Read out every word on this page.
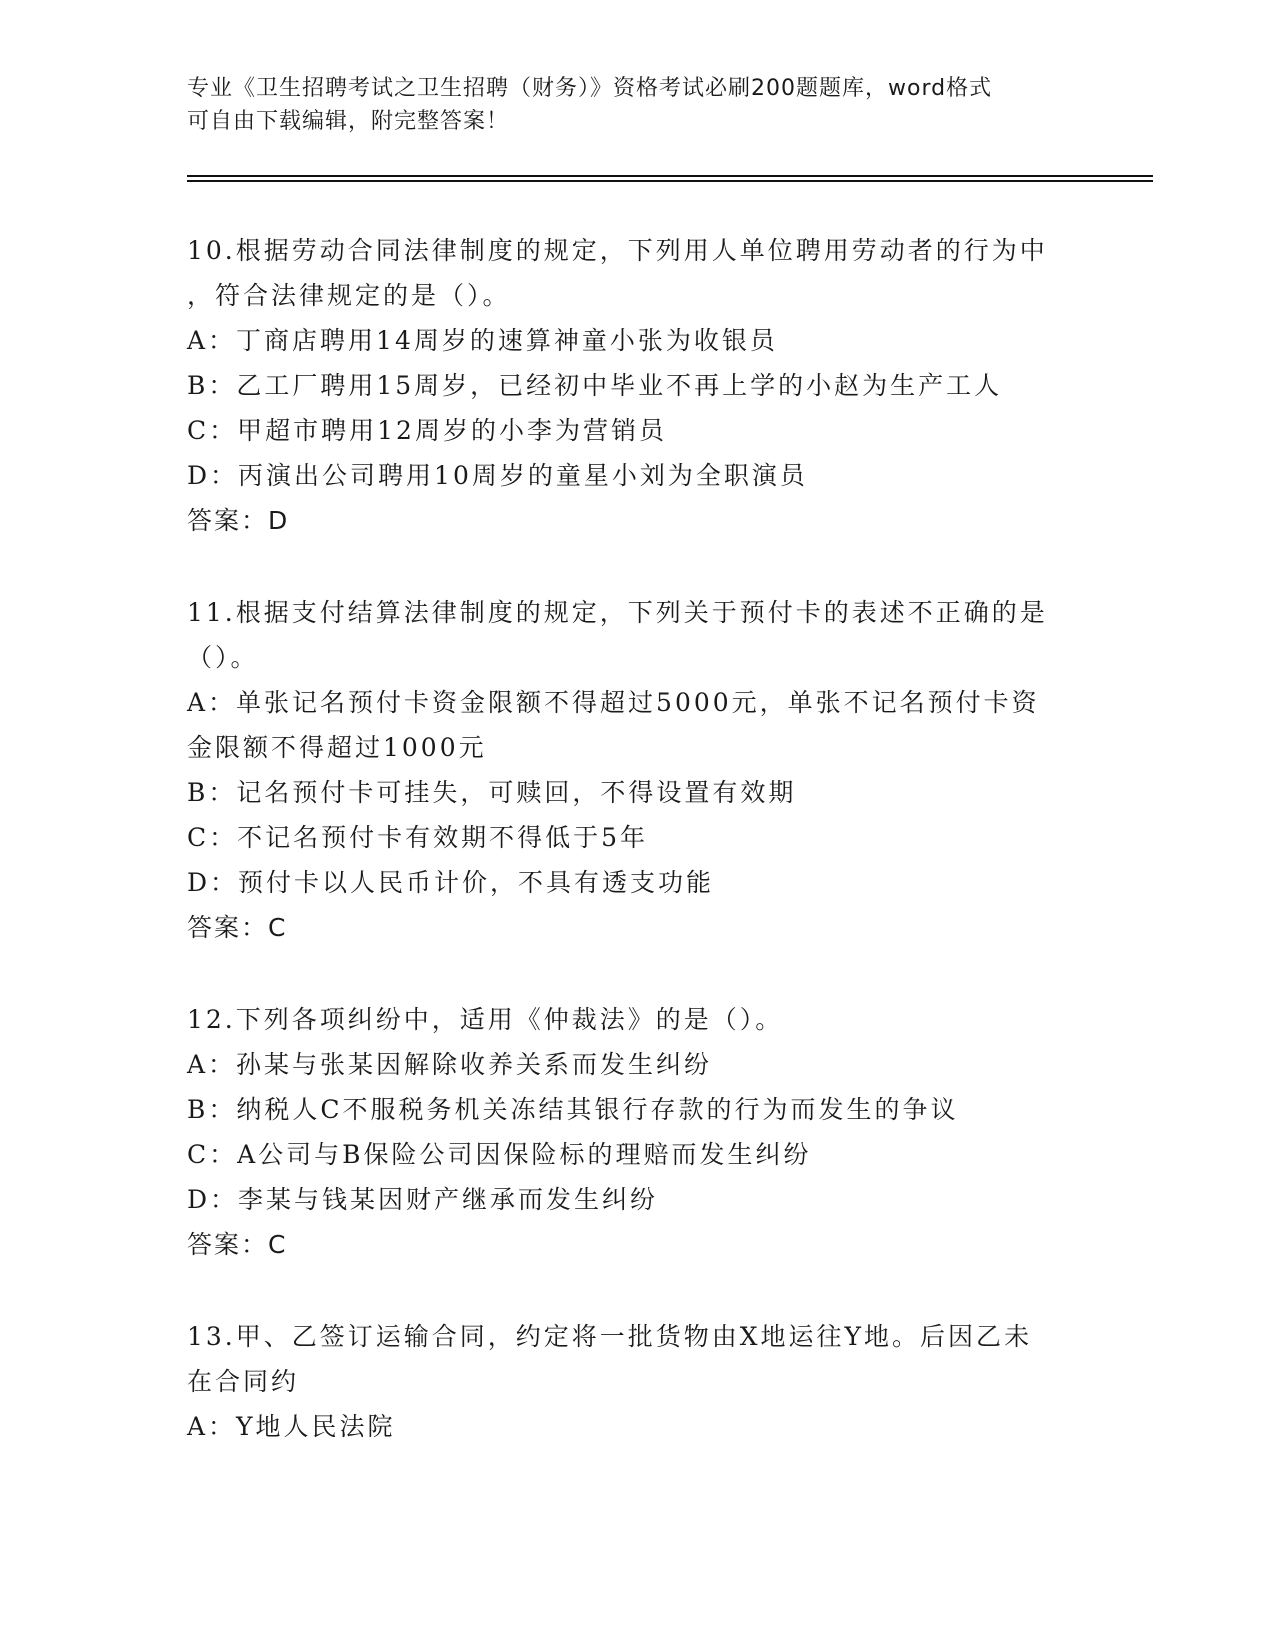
专业《卫生招聘考试之卫生招聘（财务）》资格考试必刷200题题库，word格式

可自由下载编辑，附完整答案！

10.根据劳动合同法律制度的规定，下列用人单位聘用劳动者的行为中

，符合法律规定的是（）。

A：丁商店聘用14周岁的速算神童小张为收银员

B：乙工厂聘用15周岁，已经初中毕业不再上学的小赵为生产工人

C：甲超市聘用12周岁的小李为营销员

D：丙演出公司聘用10周岁的童星小刘为全职演员

答案：D

11.根据支付结算法律制度的规定，下列关于预付卡的表述不正确的是

（）。

A：单张记名预付卡资金限额不得超过5000元，单张不记名预付卡资

金限额不得超过1000元

B：记名预付卡可挂失，可赎回，不得设置有效期

C：不记名预付卡有效期不得低于5年

D：预付卡以人民币计价，不具有透支功能

答案：C

12.下列各项纠纷中，适用《仲裁法》的是（）。

A：孙某与张某因解除收养关系而发生纠纷

B：纳税人C不服税务机关冻结其银行存款的行为而发生的争议

C：A公司与B保险公司因保险标的理赔而发生纠纷

D：李某与钱某因财产继承而发生纠纷

答案：C

13.甲、乙签订运输合同，约定将一批货物由X地运往Y地。后因乙未

在合同约

A：Y地人民法院
